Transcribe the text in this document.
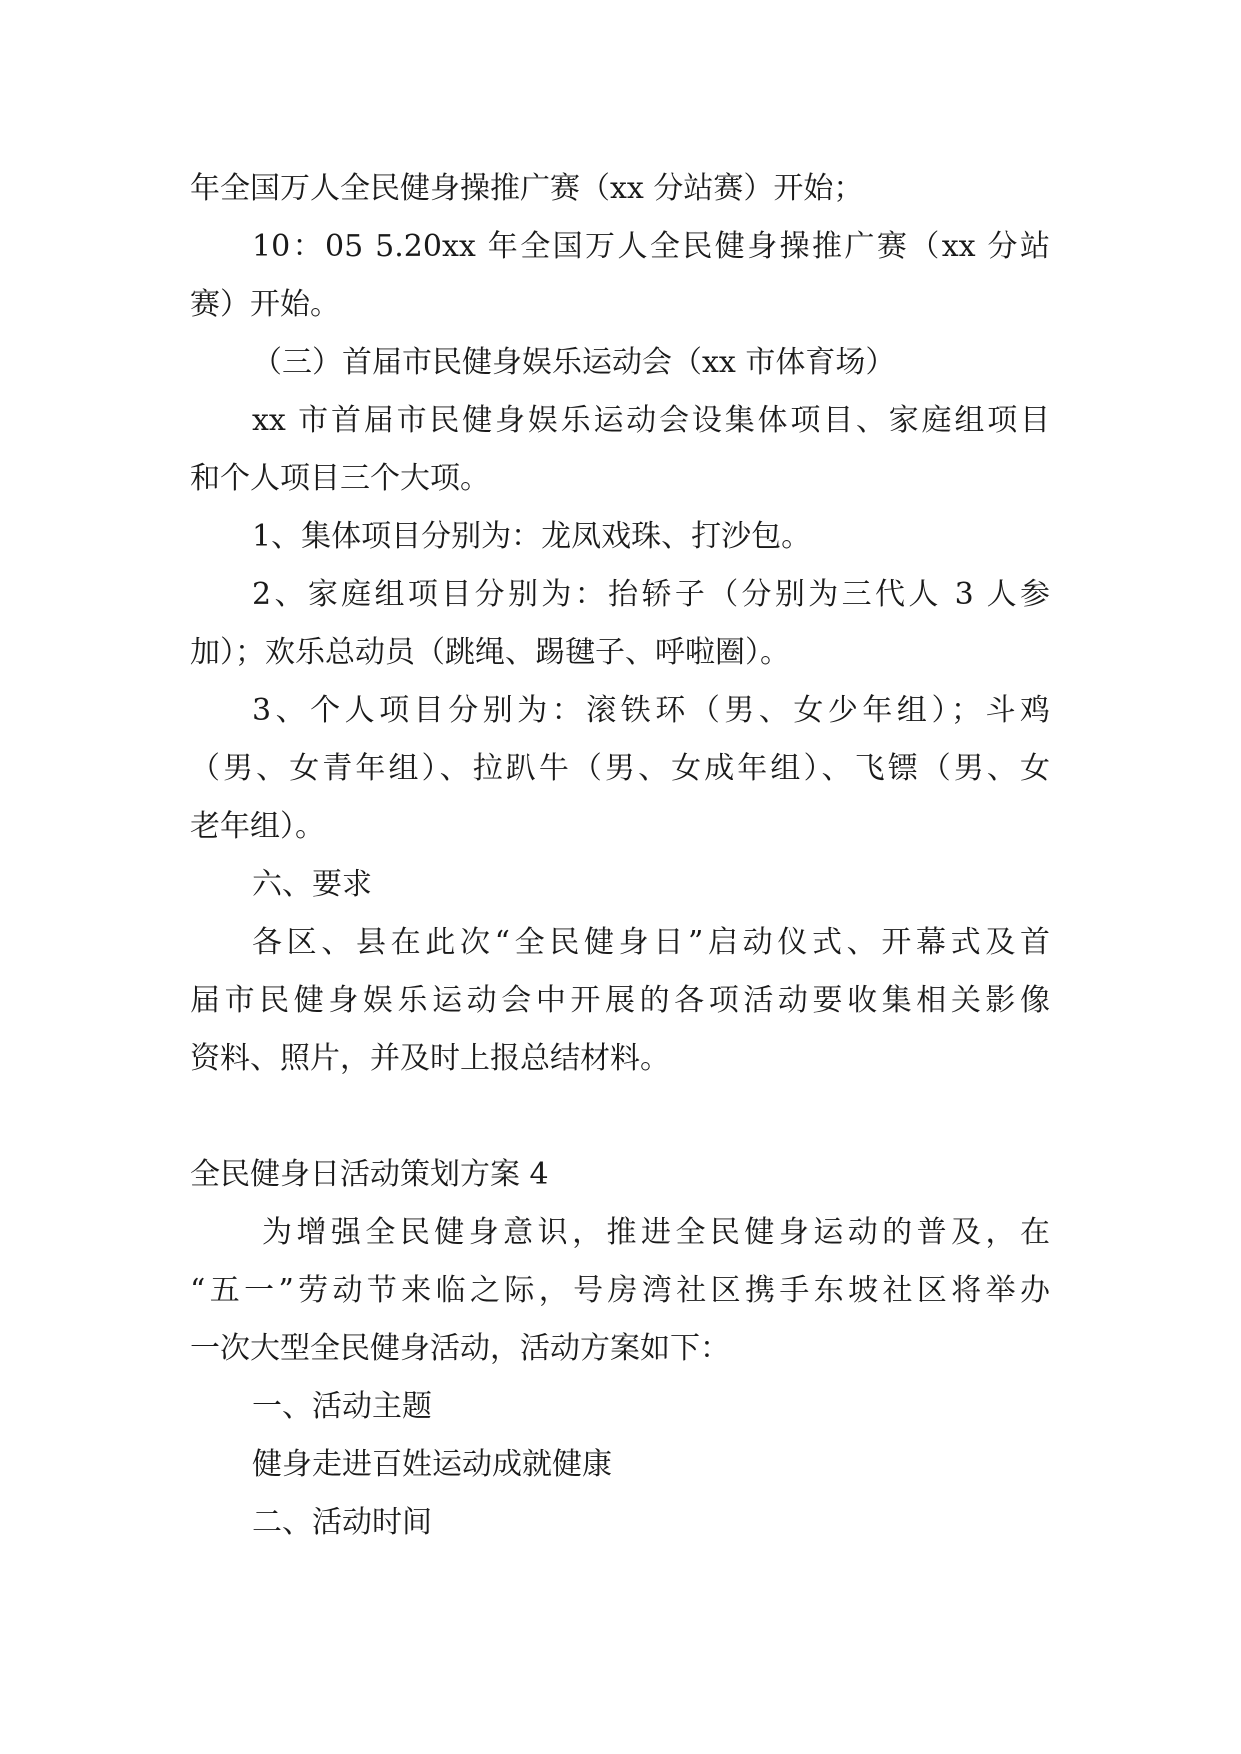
年全国万人全民健身操推广赛（xx 分站赛）开始；
10：05 5.20xx 年全国万人全民健身操推广赛（xx 分站
赛）开始。
（三）首届市民健身娱乐运动会（xx 市体育场）
xx 市首届市民健身娱乐运动会设集体项目、家庭组项目
和个人项目三个大项。
1、集体项目分别为：龙凤戏珠、打沙包。
2、家庭组项目分别为：抬轿子（分别为三代人 3 人参
加）；欢乐总动员（跳绳、踢毽子、呼啦圈）。
3、个人项目分别为：滚铁环（男、女少年组）；斗鸡
（男、女青年组）、拉趴牛（男、女成年组）、飞镖（男、女
老年组）。
六、要求
各区、县在此次“全民健身日”启动仪式、开幕式及首
届市民健身娱乐运动会中开展的各项活动要收集相关影像
资料、照片，并及时上报总结材料。
全民健身日活动策划方案 4
为增强全民健身意识，推进全民健身运动的普及，在
“五一”劳动节来临之际，号房湾社区携手东坡社区将举办
一次大型全民健身活动，活动方案如下：
一、活动主题
健身走进百姓运动成就健康
二、活动时间
